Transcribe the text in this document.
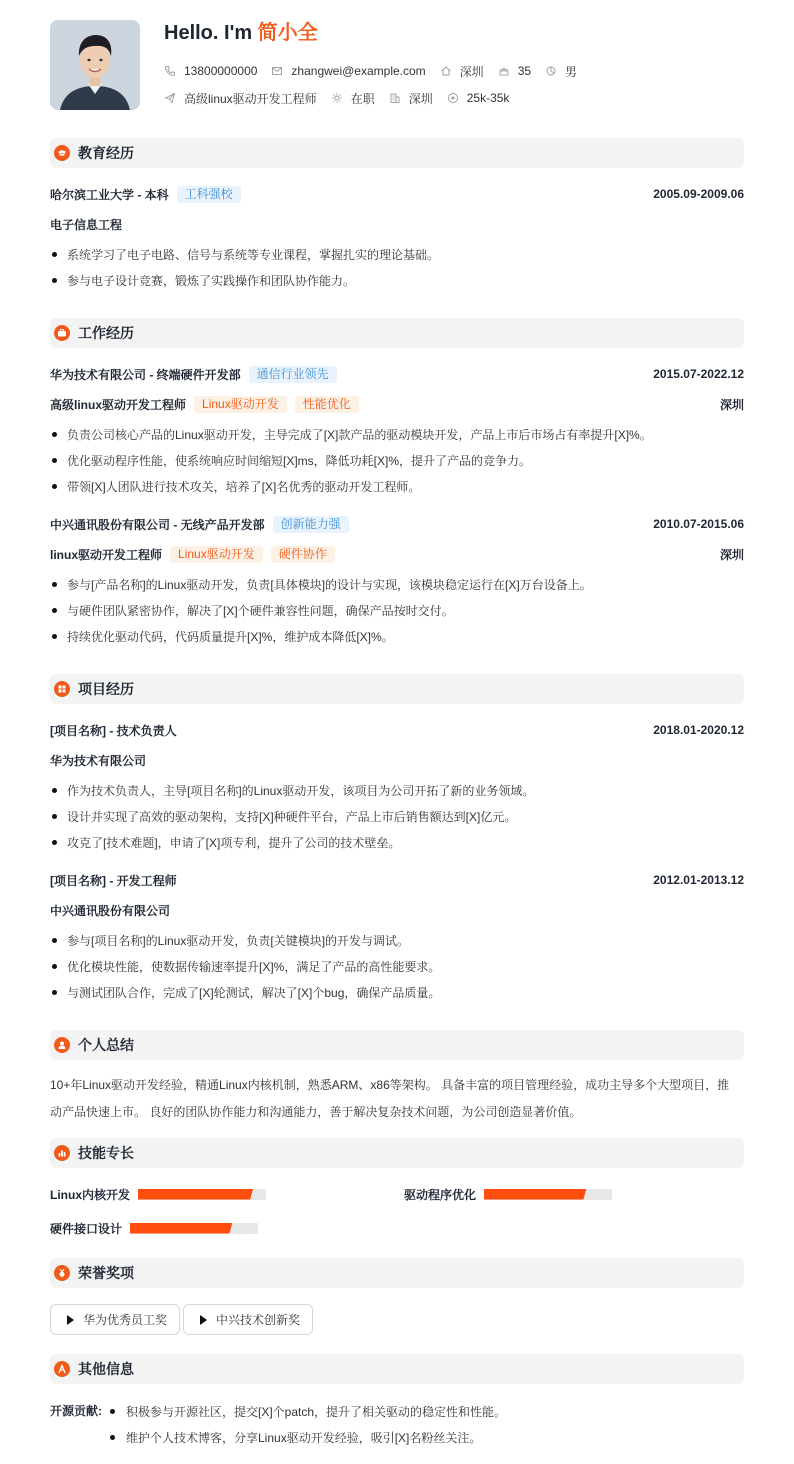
Hello. I'm 简小全
13800000000	zhangwei@example.com	深圳	35	男
高级linux驱动开发工程师	在职	深圳	25k-35k
教育经历
哈尔滨工业大学 - 本科	工科强校	2005.09-2009.06
电子信息工程
系统学习了电子电路、信号与系统等专业课程，掌握扎实的理论基础。
参与电子设计竞赛，锻炼了实践操作和团队协作能力。
工作经历
华为技术有限公司 - 终端硬件开发部	通信行业领先	2015.07-2022.12
高级linux驱动开发工程师	Linux驱动开发	性能优化	深圳
负责公司核心产品的Linux驱动开发，主导完成了[X]款产品的驱动模块开发，产品上市后市场占有率提升[X]%。
优化驱动程序性能，使系统响应时间缩短[X]ms，降低功耗[X]%，提升了产品的竞争力。
带领[X]人团队进行技术攻关，培养了[X]名优秀的驱动开发工程师。
中兴通讯股份有限公司 - 无线产品开发部	创新能力强	2010.07-2015.06
linux驱动开发工程师	Linux驱动开发	硬件协作	深圳
参与[产品名称]的Linux驱动开发，负责[具体模块]的设计与实现，该模块稳定运行在[X]万台设备上。
与硬件团队紧密协作，解决了[X]个硬件兼容性问题，确保产品按时交付。
持续优化驱动代码，代码质量提升[X]%，维护成本降低[X]%。
项目经历
[项目名称] - 技术负责人	2018.01-2020.12
华为技术有限公司
作为技术负责人，主导[项目名称]的Linux驱动开发，该项目为公司开拓了新的业务领域。
设计并实现了高效的驱动架构，支持[X]种硬件平台，产品上市后销售额达到[X]亿元。
攻克了[技术难题]，申请了[X]项专利，提升了公司的技术壁垒。
[项目名称] - 开发工程师	2012.01-2013.12
中兴通讯股份有限公司
参与[项目名称]的Linux驱动开发，负责[关键模块]的开发与调试。
优化模块性能，使数据传输速率提升[X]%，满足了产品的高性能要求。
与测试团队合作，完成了[X]轮测试，解决了[X]个bug，确保产品质量。
个人总结
10+年Linux驱动开发经验，精通Linux内核机制，熟悉ARM、x86等架构。 具备丰富的项目管理经验，成功主导多个大型项目，推
动产品快速上市。 良好的团队协作能力和沟通能力，善于解决复杂技术问题，为公司创造显著价值。
技能专长
Linux内核开发	驱动程序优化
硬件接口设计
荣誉奖项
华为优秀员工奖	中兴技术创新奖
其他信息
开源贡献:	积极参与开源社区，提交[X]个patch，提升了相关驱动的稳定性和性能。
维护个人技术博客，分享Linux驱动开发经验，吸引[X]名粉丝关注。
